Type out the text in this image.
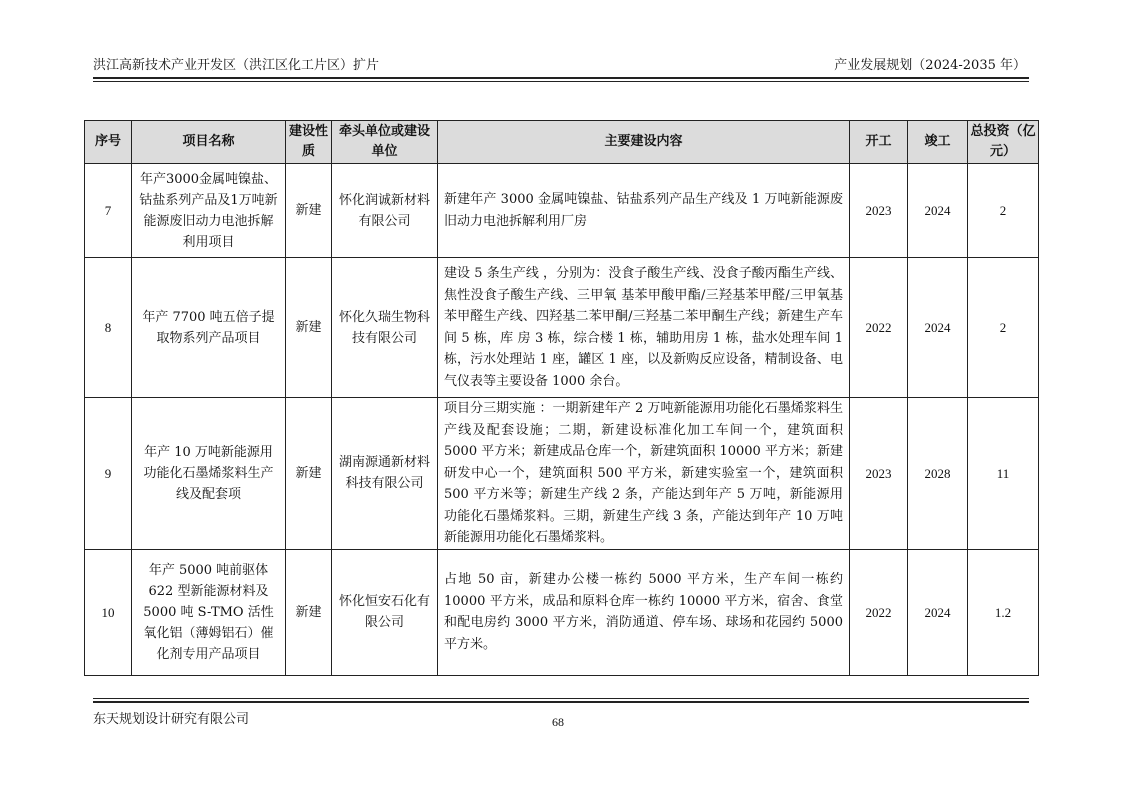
洪江高新技术产业开发区（洪江区化工片区）扩片	产业发展规划（2024-2035 年）
序号	项目名称	建设性质	牵头单位或建设单位	主要建设内容	开工	竣工	总投资（亿元）
7	年产3000金属吨镍盐、钴盐系列产品及1万吨新能源废旧动力电池拆解利用项目	新建	怀化润诚新材料有限公司	新建年产 3000 金属吨镍盐、钴盐系列产品生产线及 1 万吨新能源废旧动力电池拆解利用厂房	2023	2024	2
8	年产 7700 吨五倍子提取物系列产品项目	新建	怀化久瑞生物科技有限公司	建设 5 条生产线 ，分别为：没食子酸生产线、没食子酸丙酯生产线、焦性没食子酸生产线、三甲氧 基苯甲酸甲酯/三羟基苯甲醛/三甲氧基苯甲醛生产线、四羟基二苯甲酮/三羟基二苯甲酮生产线；新建生产车间 5 栋，库 房 3 栋，综合楼 1 栋，辅助用房 1 栋，盐水处理车间 1 栋，污水处理站 1 座，罐区 1 座，以及新购反应设备，精制设备、电气仪表等主要设备 1000 余台。	2022	2024	2
9	年产 10 万吨新能源用功能化石墨烯浆料生产线及配套项	新建	湖南源通新材料科技有限公司	项目分三期实施 ：一期新建年产 2 万吨新能源用功能化石墨烯浆料生产线及配套设施；二期，新建设标准化加工车间一个，建筑面积 5000 平方米；新建成品仓库一个，新建筑面积 10000 平方米；新建研发中心一个，建筑面积 500 平方米，新建实验室一个，建筑面积 500 平方米等；新建生产线 2 条，产能达到年产 5 万吨，新能源用功能化石墨烯浆料。三期，新建生产线 3 条，产能达到年产 10 万吨新能源用功能化石墨烯浆料。	2023	2028	11
10	年产 5000 吨前驱体 622 型新能源材料及 5000 吨 S-TMO 活性氧化铝（薄姆铝石）催化剂专用产品项目	新建	怀化恒安石化有限公司	占地 50 亩，新建办公楼一栋约 5000 平方米，生产车间一栋约 10000 平方米，成品和原料仓库一栋约 10000 平方米，宿舍、食堂和配电房约 3000 平方米，消防通道、停车场、球场和花园约 5000 平方米。	2022	2024	1.2
东天规划设计研究有限公司	68
